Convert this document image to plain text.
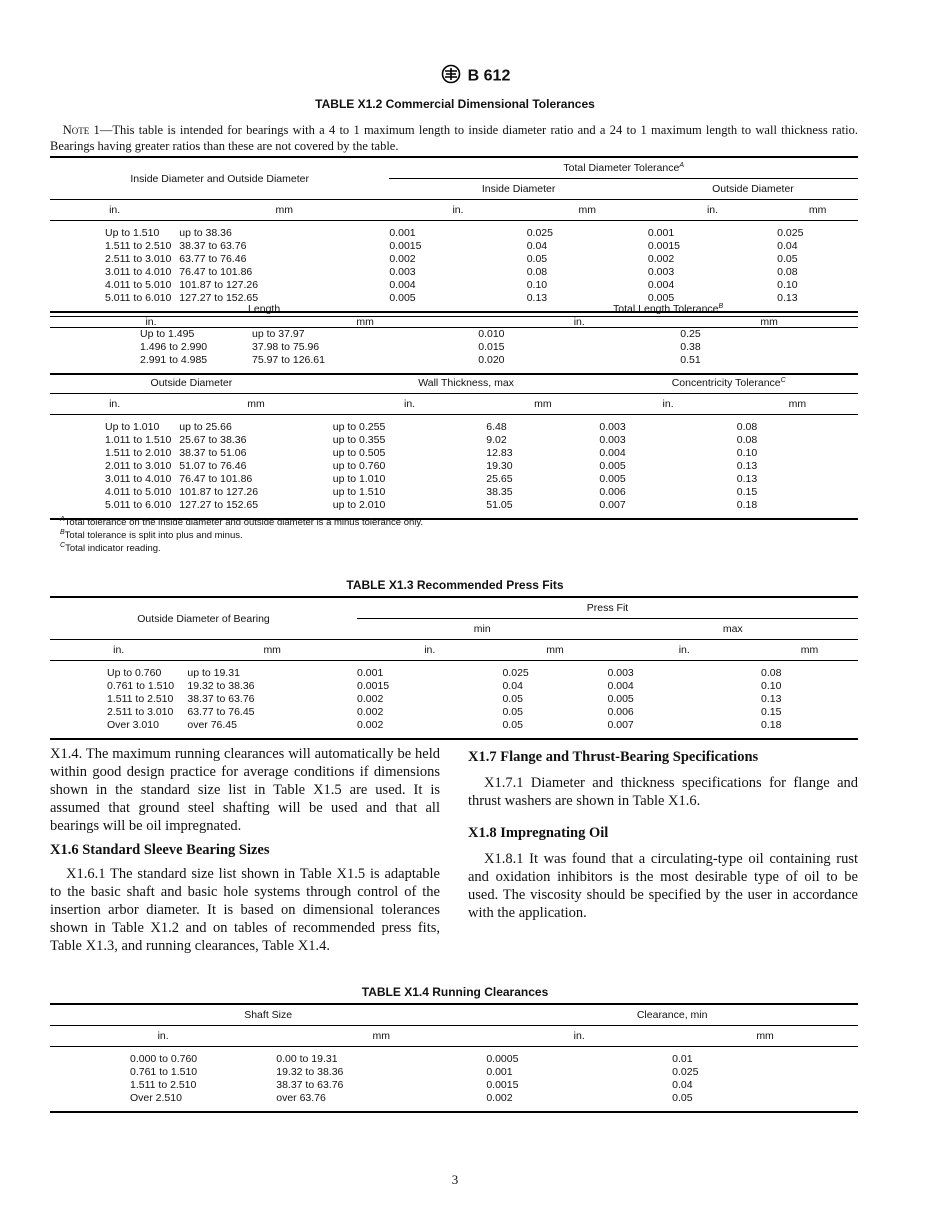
B 612
TABLE X1.2 Commercial Dimensional Tolerances
Note 1—This table is intended for bearings with a 4 to 1 maximum length to inside diameter ratio and a 24 to 1 maximum length to wall thickness ratio. Bearings having greater ratios than these are not covered by the table.
Inside Diameter and Outside Diameter		Total Diameter Tolerance$^A$
		Inside Diameter		Outside Diameter	
in.	mm	in.	mm	in.	mm

Up to 1.510	up to 38.36	0.001	0.025	0.001	0.025
1.511 to 2.510	38.37 to 63.76	0.0015	0.04	0.0015	0.04
2.511 to 3.010	63.77 to 76.46	0.002	0.05	0.002	0.05
3.011 to 4.010	76.47 to 101.86	0.003	0.08	0.003	0.08
4.011 to 5.010	101.87 to 127.26	0.004	0.10	0.004	0.10
5.011 to 6.010	127.27 to 152.65	0.005	0.13	0.005	0.13

Length		Total Length Tolerance$^B$
in.	mm	in.	mm
Up to 1.495	up to 37.97	0.010	0.25
1.496 to 2.990	37.98 to 75.96	0.015	0.38
2.991 to 4.985	75.97 to 126.61	0.020	0.51

Outside Diameter		Wall Thickness, max		Concentricity Tolerance$^C$
in.	mm	in.	mm	in.	mm

Up to 1.010	up to 25.66	up to 0.255	6.48	0.003	0.08
1.011 to 1.510	25.67 to 38.36	up to 0.355	9.02	0.003	0.08
1.511 to 2.010	38.37 to 51.06	up to 0.505	12.83	0.004	0.10
2.011 to 3.010	51.07 to 76.46	up to 0.760	19.30	0.005	0.13
3.011 to 4.010	76.47 to 101.86	up to 1.010	25.65	0.005	0.13
4.011 to 5.010	101.87 to 127.26	up to 1.510	38.35	0.006	0.15
5.011 to 6.010	127.27 to 152.65	up to 2.010	51.05	0.007	0.18

$^A$Total tolerance on the inside diameter and outside diameter is a minus tolerance only.
$^B$Total tolerance is split into plus and minus.
$^C$Total indicator reading.
TABLE X1.3 Recommended Press Fits
Outside Diameter of Bearing		Press Fit			
		min		max	
in.	mm	in.	mm	in.	mm

Up to 0.760	up to 19.31	0.001	0.025	0.003	0.08
0.761 to 1.510	19.32 to 38.36	0.0015	0.04	0.004	0.10
1.511 to 2.510	38.37 to 63.76	0.002	0.05	0.005	0.13
2.511 to 3.010	63.77 to 76.45	0.002	0.05	0.006	0.15
Over 3.010	over 76.45	0.002	0.05	0.007	0.18

X1.4. The maximum running clearances will automatically be held within good design practice for average conditions if dimensions shown in the standard size list in Table X1.5 are used. It is assumed that ground steel shafting will be used and that all bearings will be oil impregnated.

X1.6 Standard Sleeve Bearing Sizes

X1.6.1 The standard size list shown in Table X1.5 is adaptable to the basic shaft and basic hole systems through control of the insertion arbor diameter. It is based on dimensional tolerances shown in Table X1.2 and on tables of recommended press fits, Table X1.3, and running clearances, Table X1.4.

X1.7 Flange and Thrust-Bearing Specifications

X1.7.1 Diameter and thickness specifications for flange and thrust washers are shown in Table X1.6.

X1.8 Impregnating Oil

X1.8.1 It was found that a circulating-type oil containing rust and oxidation inhibitors is the most desirable type of oil to be used. The viscosity should be specified by the user in accordance with the application.

TABLE X1.4 Running Clearances
Shaft Size		Clearance, min	
in.	mm	in.	mm

0.000 to 0.760	0.00 to 19.31	0.0005	0.01
0.761 to 1.510	19.32 to 38.36	0.001	0.025
1.511 to 2.510	38.37 to 63.76	0.0015	0.04
Over 2.510	over 63.76	0.002	0.05

3
